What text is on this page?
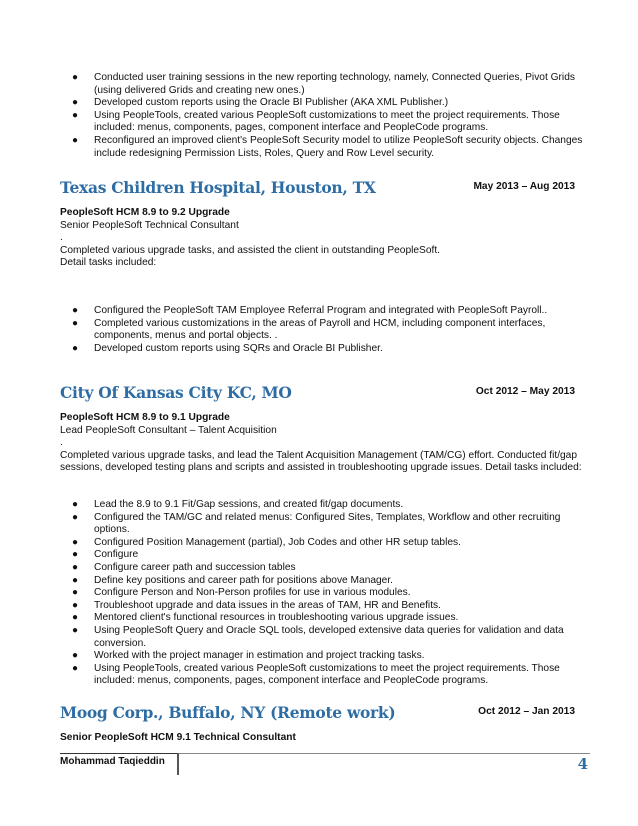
● Conducted user training sessions in the new reporting technology, namely, Connected Queries, Pivot Grids (using delivered Grids and creating new ones.)
● Developed custom reports using the Oracle BI Publisher (AKA XML Publisher.)
● Using PeopleTools, created various PeopleSoft customizations to meet the project requirements. Those included: menus, components, pages, component interface and PeopleCode programs.
● Reconfigured an improved client's PeopleSoft Security model to utilize PeopleSoft security objects. Changes include redesigning Permission Lists, Roles, Query and Row Level security.
Texas Children Hospital, Houston, TX	May 2013 – Aug 2013
PeopleSoft HCM 8.9 to 9.2 Upgrade
Senior PeopleSoft Technical Consultant
.
Completed various upgrade tasks, and assisted the client in outstanding PeopleSoft.
Detail tasks included:
● Configured the PeopleSoft TAM Employee Referral Program and integrated with PeopleSoft Payroll..
● Completed various customizations in the areas of Payroll and HCM, including component interfaces, components, menus and portal objects. .
● Developed custom reports using SQRs and Oracle BI Publisher.
City Of Kansas City KC, MO	Oct 2012 – May 2013
PeopleSoft HCM 8.9 to 9.1 Upgrade
Lead PeopleSoft Consultant – Talent Acquisition
.
Completed various upgrade tasks, and lead the Talent Acquisition Management (TAM/CG) effort. Conducted fit/gap sessions, developed testing plans and scripts and assisted in troubleshooting upgrade issues. Detail tasks included:
● Lead the 8.9 to 9.1 Fit/Gap sessions, and created fit/gap documents.
● Configured the TAM/GC and related menus: Configured Sites, Templates, Workflow and other recruiting options.
● Configured Position Management (partial), Job Codes and other HR setup tables.
● Configure
● Configure career path and succession tables
● Define key positions and career path for positions above Manager.
● Configure Person and Non-Person profiles for use in various modules.
● Troubleshoot upgrade and data issues in the areas of TAM, HR and Benefits.
● Mentored client's functional resources in troubleshooting various upgrade issues.
● Using PeopleSoft Query and Oracle SQL tools, developed extensive data queries for validation and data conversion.
● Worked with the project manager in estimation and project tracking tasks.
● Using PeopleTools, created various PeopleSoft customizations to meet the project requirements. Those included: menus, components, pages, component interface and PeopleCode programs.
Moog Corp., Buffalo, NY (Remote work)	Oct 2012 – Jan 2013
Senior PeopleSoft HCM 9.1 Technical Consultant
Mohammad Taqieddin	4
